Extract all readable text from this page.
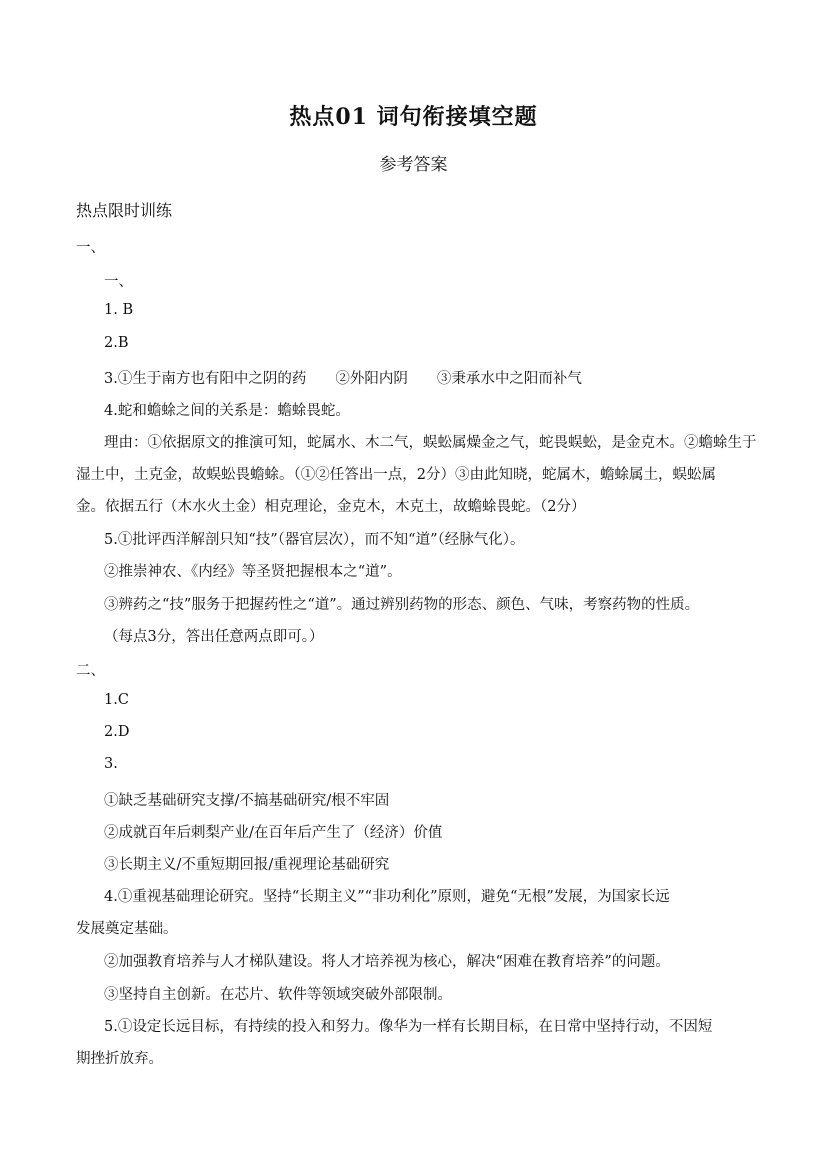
热点01 词句衔接填空题
参考答案
热点限时训练
一、
一、
1. B
2.B
3.①生于南方也有阳中之阴的药　　②外阳内阴　　③秉承水中之阳而补气
4.蛇和蟾蜍之间的关系是：蟾蜍畏蛇。
理由：①依据原文的推演可知，蛇属水、木二气，蜈蚣属燥金之气，蛇畏蜈蚣，是金克木。②蟾蜍生于
湿土中，土克金，故蜈蚣畏蟾蜍。（①②任答出一点，2分）③由此知晓，蛇属木，蟾蜍属土，蜈蚣属
金。依据五行（木水火土金）相克理论，金克木，木克土，故蟾蜍畏蛇。（2分）
5.①批评西洋解剖只知“技”（器官层次），而不知“道”（经脉气化）。
②推崇神农、《内经》等圣贤把握根本之“道”。
③辨药之“技”服务于把握药性之“道”。通过辨别药物的形态、颜色、气味，考察药物的性质。
（每点3分，答出任意两点即可。）
二、
1.C
2.D
3.
①缺乏基础研究支撑/不搞基础研究/根不牢固
②成就百年后刺梨产业/在百年后产生了（经济）价值
③长期主义/不重短期回报/重视理论基础研究
4.①重视基础理论研究。坚持“长期主义”“非功利化”原则，避免“无根”发展，为国家长远
发展奠定基础。
②加强教育培养与人才梯队建设。将人才培养视为核心，解决“困难在教育培养”的问题。
③坚持自主创新。在芯片、软件等领域突破外部限制。
5.①设定长远目标，有持续的投入和努力。像华为一样有长期目标，在日常中坚持行动，不因短
期挫折放弃。
